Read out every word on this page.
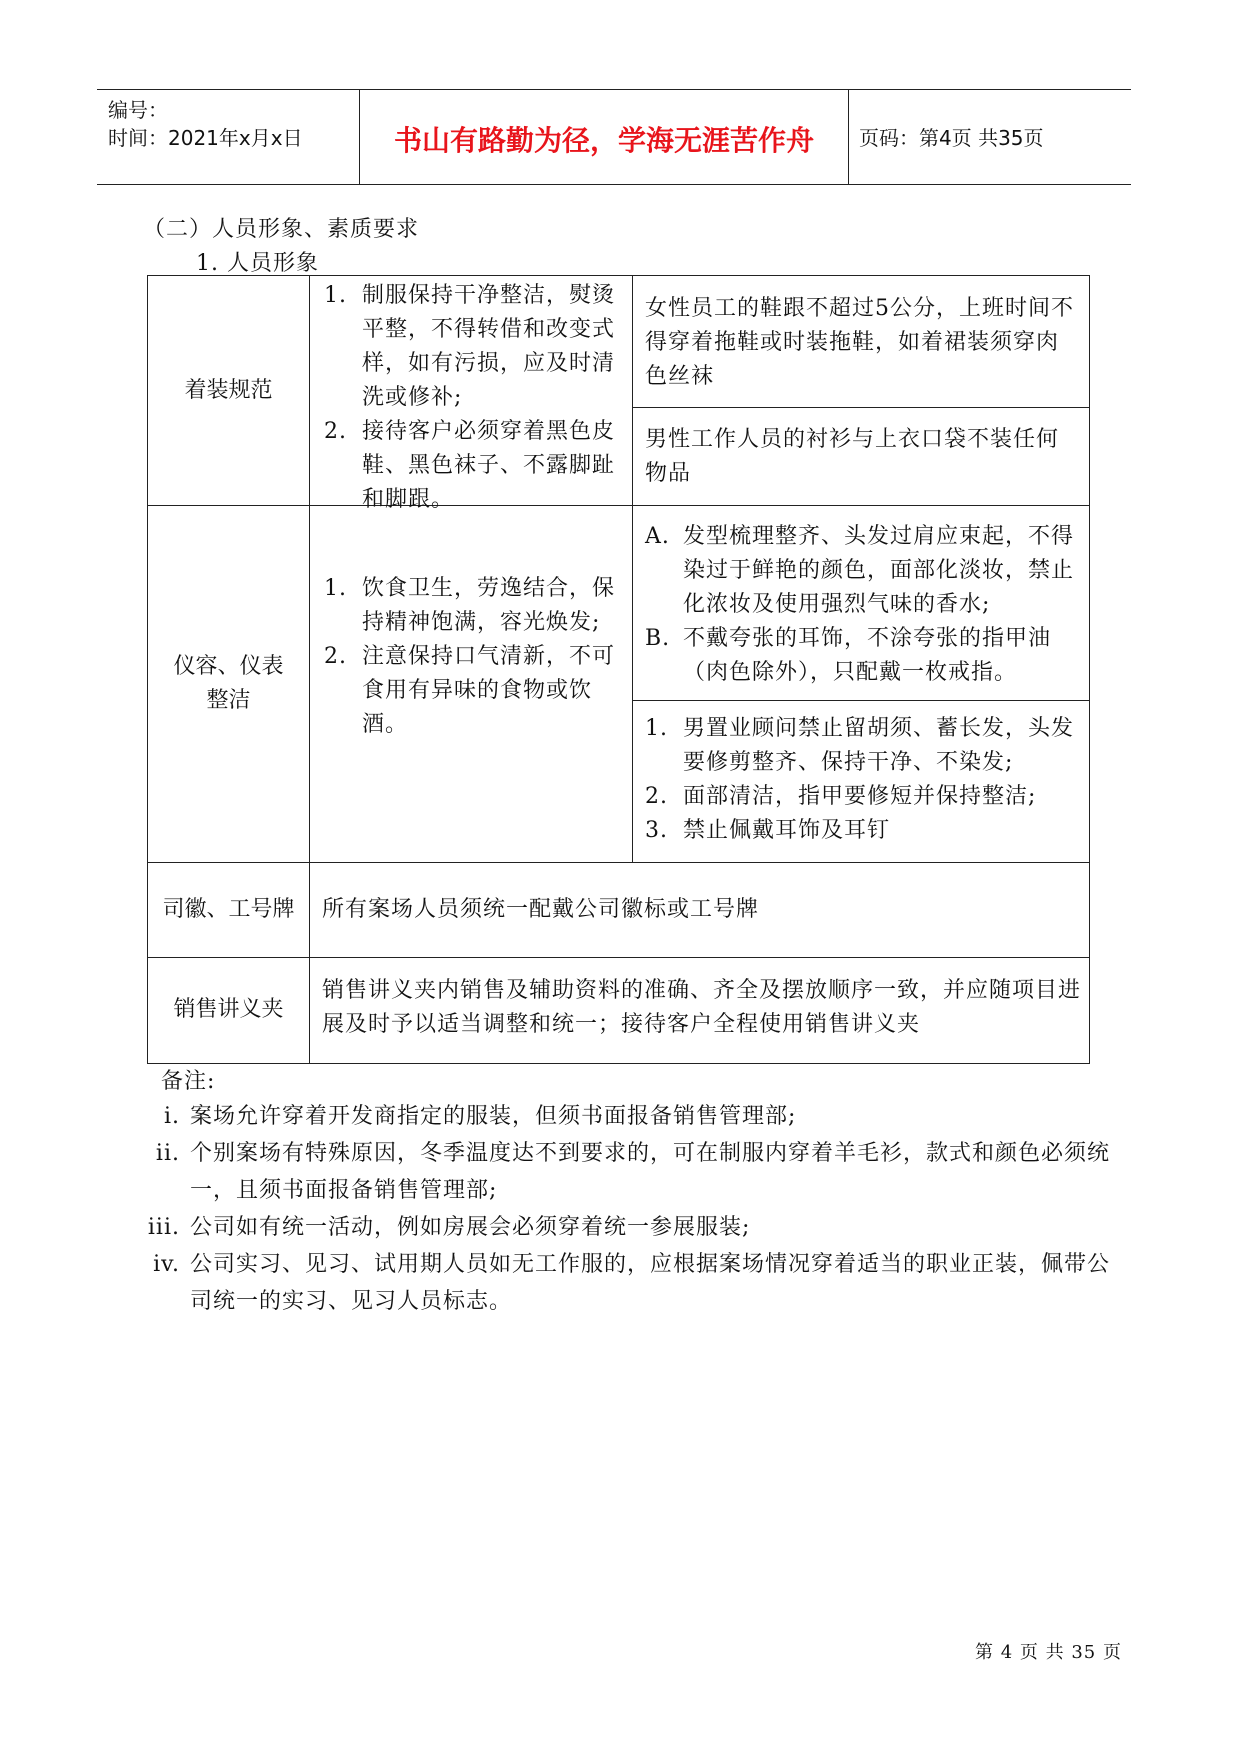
编号：
时间：2021年x月x日	书山有路勤为径，学海无涯苦作舟	页码：第4页 共35页
（二）人员形象、素质要求
1. 人员形象
着装规范
1. 制服保持干净整洁，熨烫平整，不得转借和改变式样，如有污损，应及时清洗或修补;
2. 接待客户必须穿着黑色皮鞋、黑色袜子、不露脚趾和脚跟。
女性员工的鞋跟不超过5公分，上班时间不得穿着拖鞋或时装拖鞋，如着裙装须穿肉色丝袜
男性工作人员的衬衫与上衣口袋不装任何物品
仪容、仪表整洁
1. 饮食卫生，劳逸结合，保持精神饱满，容光焕发;
2. 注意保持口气清新，不可食用有异味的食物或饮酒。
A. 发型梳理整齐、头发过肩应束起，不得染过于鲜艳的颜色，面部化淡妆，禁止化浓妆及使用强烈气味的香水;
B. 不戴夸张的耳饰，不涂夸张的指甲油（肉色除外），只配戴一枚戒指。
1. 男置业顾问禁止留胡须、蓄长发，头发要修剪整齐、保持干净、不染发;
2. 面部清洁，指甲要修短并保持整洁;
3. 禁止佩戴耳饰及耳钉
司徽、工号牌 所有案场人员须统一配戴公司徽标或工号牌
销售讲义夹
销售讲义夹内销售及辅助资料的准确、齐全及摆放顺序一致，并应随项目进展及时予以适当调整和统一；接待客户全程使用销售讲义夹
备注:
i. 案场允许穿着开发商指定的服装，但须书面报备销售管理部;
ii. 个别案场有特殊原因，冬季温度达不到要求的，可在制服内穿着羊毛衫，款式和颜色必须统一，且须书面报备销售管理部;
iii. 公司如有统一活动，例如房展会必须穿着统一参展服装;
iv. 公司实习、见习、试用期人员如无工作服的，应根据案场情况穿着适当的职业正装，佩带公司统一的实习、见习人员标志。
第 4 页 共 35 页
